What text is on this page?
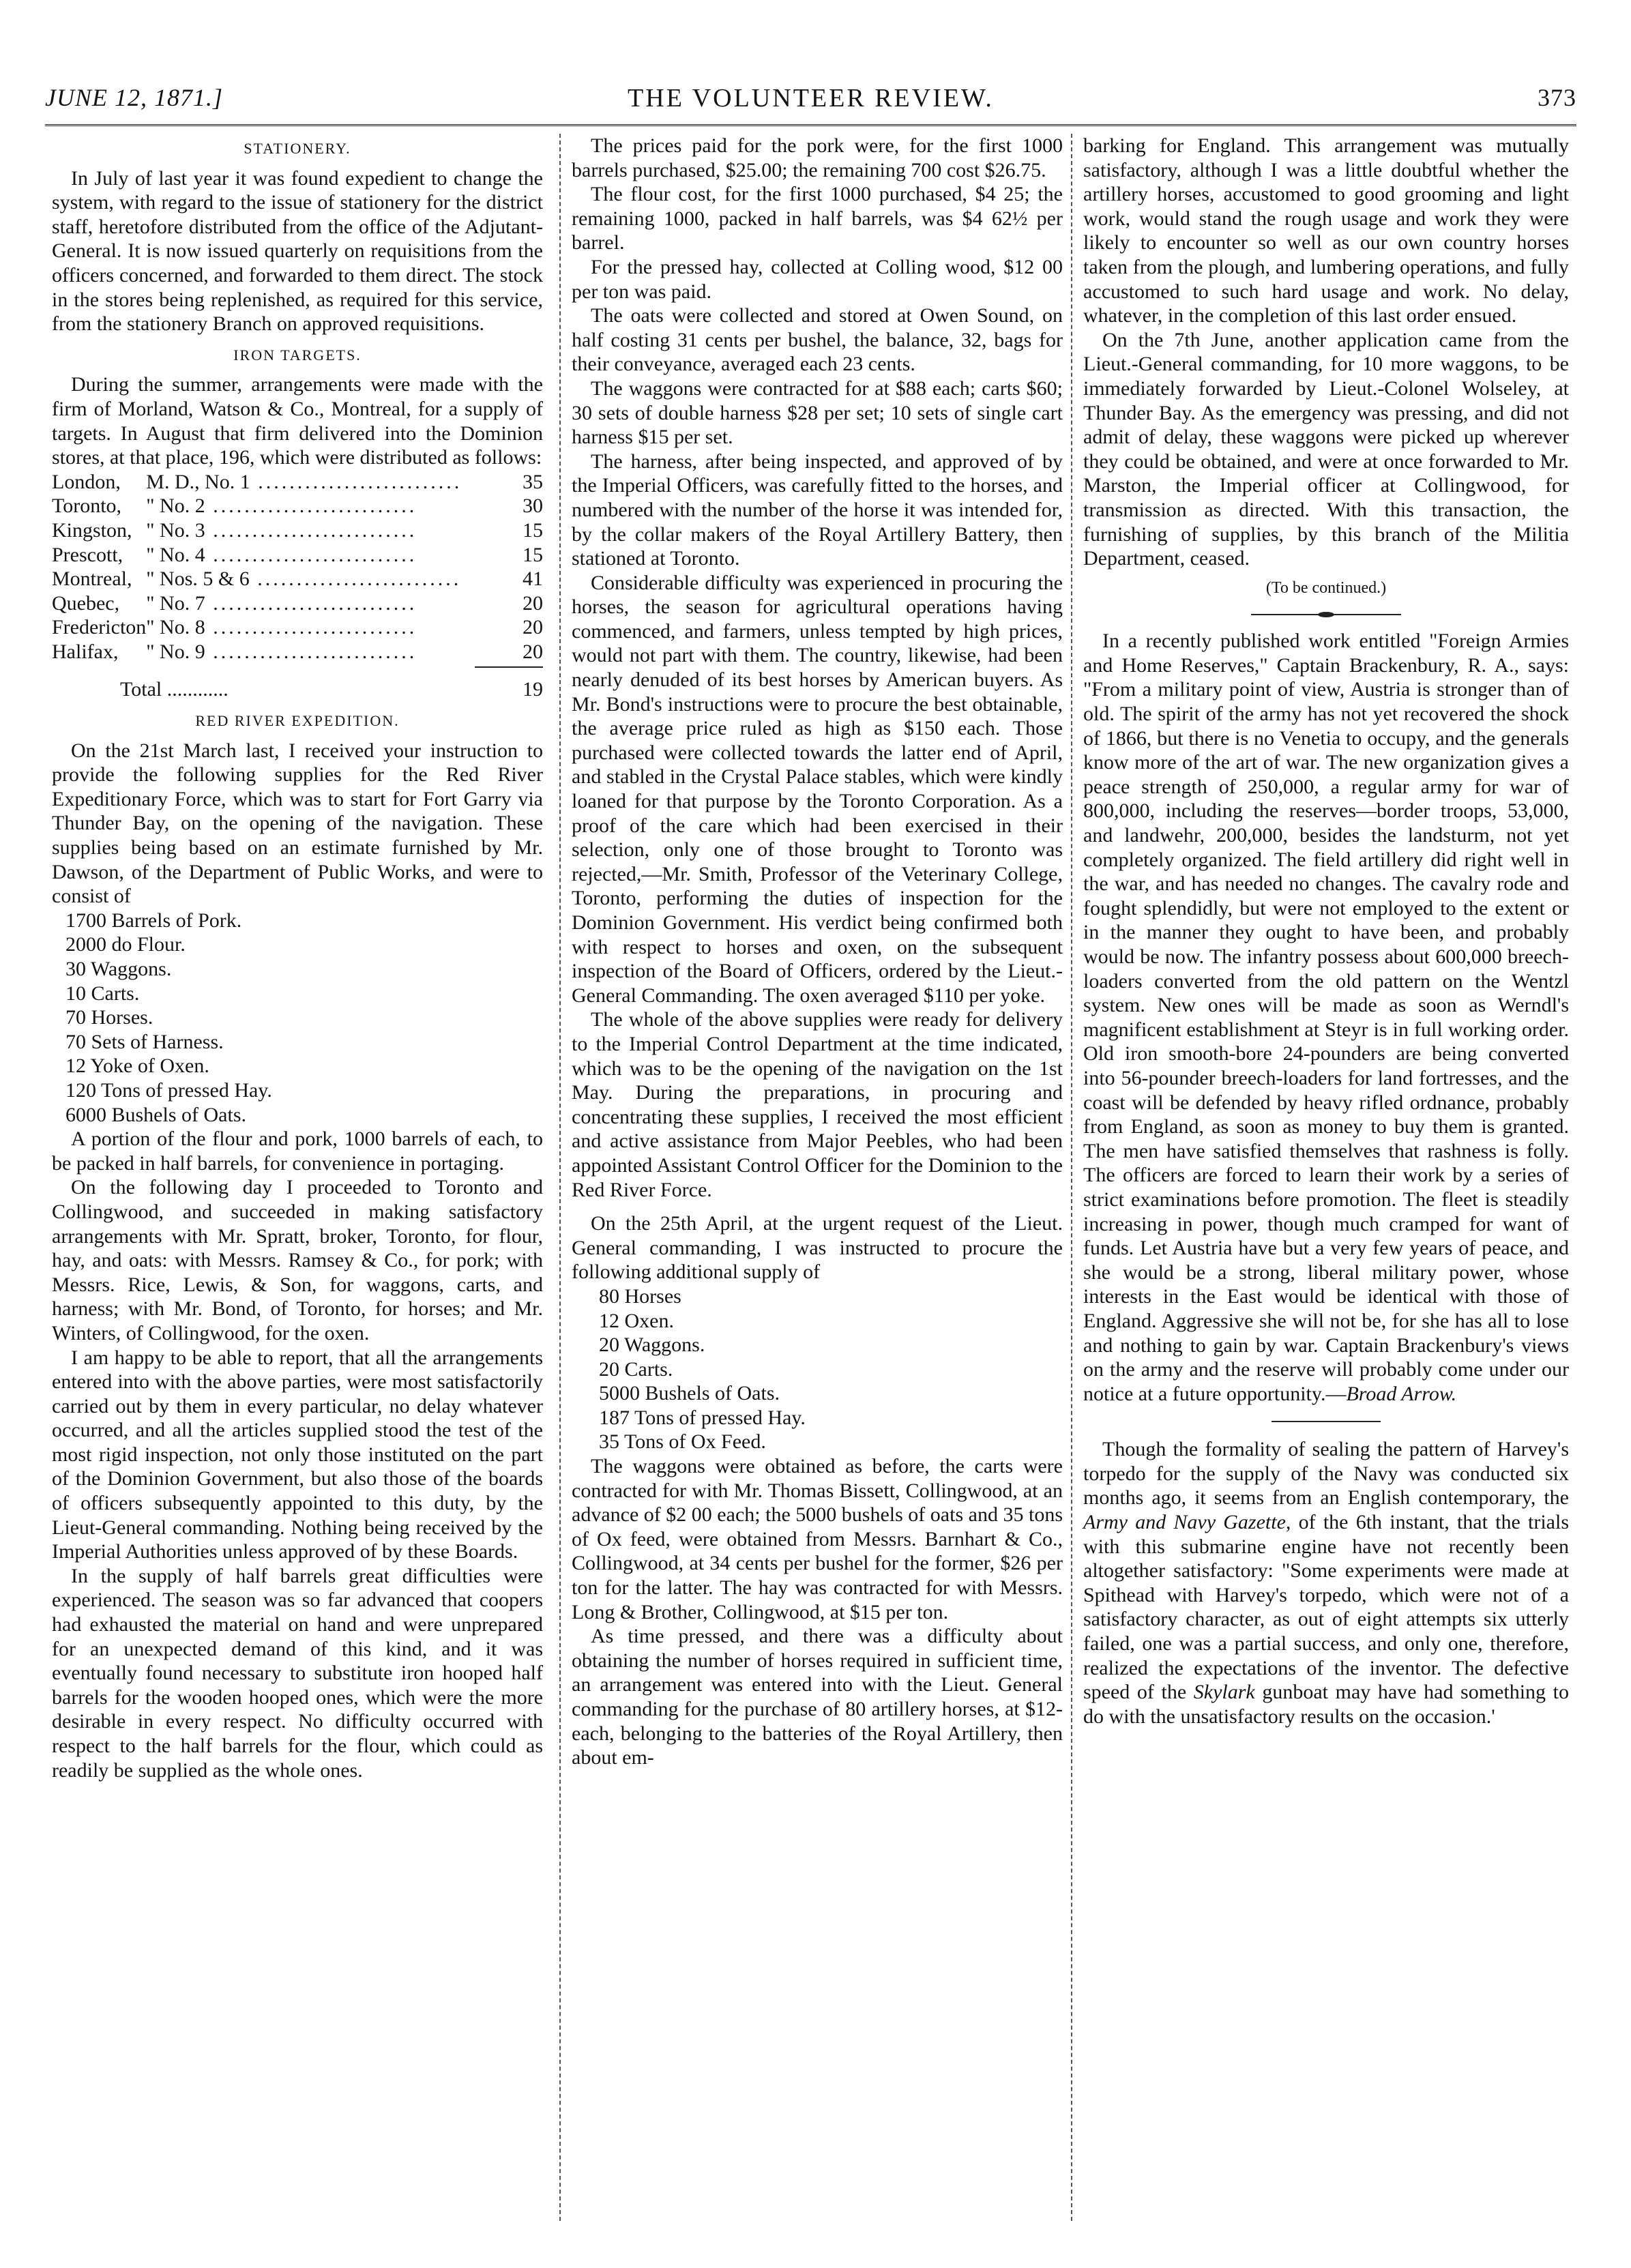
JUNE 12, 1871.]	THE VOLUNTEER REVIEW.	373
STATIONERY.

In July of last year it was found expedient to change the system, with regard to the issue of stationery for the district staff, heretofore distributed from the office of the Adjutant-General. It is now issued quarterly on requisitions from the officers concerned, and forwarded to them direct. The stock in the stores being replenished, as required for this service, from the stationery Branch on approved requisitions.

IRON TARGETS.

During the summer, arrangements were made with the firm of Morland, Watson & Co., Montreal, for a supply of targets. In August that firm delivered into the Dominion stores, at that place, 196, which were distributed as follows:

London,	M. D., No. 1 ..........................	35
Toronto,	" No. 2 ..........................	30
Kingston,	" No. 3 ..........................	15
Prescott,	" No. 4 ..........................	15
Montreal,	" Nos. 5 & 6 ..........................	41
Quebec,	" No. 7 ..........................	20
Fredericton	" No. 8 ..........................	20
Halifax,	" No. 9 ..........................	20
Total ............	19
RED RIVER EXPEDITION.

On the 21st March last, I received your instruction to provide the following supplies for the Red River Expeditionary Force, which was to start for Fort Garry via Thunder Bay, on the opening of the navigation. These supplies being based on an estimate furnished by Mr. Dawson, of the Department of Public Works, and were to consist of

1700 Barrels of Pork.
2000 do Flour.
30 Waggons.
10 Carts.
70 Horses.
70 Sets of Harness.
12 Yoke of Oxen.
120 Tons of pressed Hay.
6000 Bushels of Oats.

A portion of the flour and pork, 1000 barrels of each, to be packed in half barrels, for convenience in portaging.

On the following day I proceeded to Toronto and Collingwood, and succeeded in making satisfactory arrangements with Mr. Spratt, broker, Toronto, for flour, hay, and oats: with Messrs. Ramsey & Co., for pork; with Messrs. Rice, Lewis, & Son, for waggons, carts, and harness; with Mr. Bond, of Toronto, for horses; and Mr. Winters, of Collingwood, for the oxen.

I am happy to be able to report, that all the arrangements entered into with the above parties, were most satisfactorily carried out by them in every particular, no delay whatever occurred, and all the articles supplied stood the test of the most rigid inspection, not only those instituted on the part of the Dominion Government, but also those of the boards of officers subsequently appointed to this duty, by the Lieut-General commanding. Nothing being received by the Imperial Authorities unless approved of by these Boards.

In the supply of half barrels great difficulties were experienced. The season was so far advanced that coopers had exhausted the material on hand and were unprepared for an unexpected demand of this kind, and it was eventually found necessary to substitute iron hooped half barrels for the wooden hooped ones, which were the more desirable in every respect. No difficulty occurred with respect to the half barrels for the flour, which could as readily be supplied as the whole ones.

The prices paid for the pork were, for the first 1000 barrels purchased, $25.00; the remaining 700 cost $26.75.

The flour cost, for the first 1000 purchased, $4 25; the remaining 1000, packed in half barrels, was $4 62½ per barrel.

For the pressed hay, collected at Colling wood, $12 00 per ton was paid.

The oats were collected and stored at Owen Sound, on half costing 31 cents per bushel, the balance, 32, bags for their conveyance, averaged each 23 cents.

The waggons were contracted for at $88 each; carts $60; 30 sets of double harness $28 per set; 10 sets of single cart harness $15 per set.

The harness, after being inspected, and approved of by the Imperial Officers, was carefully fitted to the horses, and numbered with the number of the horse it was intended for, by the collar makers of the Royal Artillery Battery, then stationed at Toronto.

Considerable difficulty was experienced in procuring the horses, the season for agricultural operations having commenced, and farmers, unless tempted by high prices, would not part with them. The country, likewise, had been nearly denuded of its best horses by American buyers. As Mr. Bond's instructions were to procure the best obtainable, the average price ruled as high as $150 each. Those purchased were collected towards the latter end of April, and stabled in the Crystal Palace stables, which were kindly loaned for that purpose by the Toronto Corporation. As a proof of the care which had been exercised in their selection, only one of those brought to Toronto was rejected,—Mr. Smith, Professor of the Veterinary College, Toronto, performing the duties of inspection for the Dominion Government. His verdict being confirmed both with respect to horses and oxen, on the subsequent inspection of the Board of Officers, ordered by the Lieut.-General Commanding. The oxen averaged $110 per yoke.

The whole of the above supplies were ready for delivery to the Imperial Control Department at the time indicated, which was to be the opening of the navigation on the 1st May. During the preparations, in procuring and concentrating these supplies, I received the most efficient and active assistance from Major Peebles, who had been appointed Assistant Control Officer for the Dominion to the Red River Force.

On the 25th April, at the urgent request of the Lieut. General commanding, I was instructed to procure the following additional supply of

80 Horses
12 Oxen.
20 Waggons.
20 Carts.
5000 Bushels of Oats.
187 Tons of pressed Hay.
35 Tons of Ox Feed.

The waggons were obtained as before, the carts were contracted for with Mr. Thomas Bissett, Collingwood, at an advance of $2 00 each; the 5000 bushels of oats and 35 tons of Ox feed, were obtained from Messrs. Barnhart & Co., Collingwood, at 34 cents per bushel for the former, $26 per ton for the latter. The hay was contracted for with Messrs. Long & Brother, Collingwood, at $15 per ton.

As time pressed, and there was a difficulty about obtaining the number of horses required in sufficient time, an arrangement was entered into with the Lieut. General commanding for the purchase of 80 artillery horses, at $12- each, belonging to the batteries of the Royal Artillery, then about em-

barking for England. This arrangement was mutually satisfactory, although I was a little doubtful whether the artillery horses, accustomed to good grooming and light work, would stand the rough usage and work they were likely to encounter so well as our own country horses taken from the plough, and lumbering operations, and fully accustomed to such hard usage and work. No delay, whatever, in the completion of this last order ensued.

On the 7th June, another application came from the Lieut.-General commanding, for 10 more waggons, to be immediately forwarded by Lieut.-Colonel Wolseley, at Thunder Bay. As the emergency was pressing, and did not admit of delay, these waggons were picked up wherever they could be obtained, and were at once forwarded to Mr. Marston, the Imperial officer at Collingwood, for transmission as directed. With this transaction, the furnishing of supplies, by this branch of the Militia Department, ceased.

(To be continued.)

In a recently published work entitled "Foreign Armies and Home Reserves," Captain Brackenbury, R. A., says: "From a military point of view, Austria is stronger than of old. The spirit of the army has not yet recovered the shock of 1866, but there is no Venetia to occupy, and the generals know more of the art of war. The new organization gives a peace strength of 250,000, a regular army for war of 800,000, including the reserves—border troops, 53,000, and landwehr, 200,000, besides the landsturm, not yet completely organized. The field artillery did right well in the war, and has needed no changes. The cavalry rode and fought splendidly, but were not employed to the extent or in the manner they ought to have been, and probably would be now. The infantry possess about 600,000 breech-loaders converted from the old pattern on the Wentzl system. New ones will be made as soon as Werndl's magnificent establishment at Steyr is in full working order. Old iron smooth-bore 24-pounders are being converted into 56-pounder breech-loaders for land fortresses, and the coast will be defended by heavy rifled ordnance, probably from England, as soon as money to buy them is granted. The men have satisfied themselves that rashness is folly. The officers are forced to learn their work by a series of strict examinations before promotion. The fleet is steadily increasing in power, though much cramped for want of funds. Let Austria have but a very few years of peace, and she would be a strong, liberal military power, whose interests in the East would be identical with those of England. Aggressive she will not be, for she has all to lose and nothing to gain by war. Captain Brackenbury's views on the army and the reserve will probably come under our notice at a future opportunity.—Broad Arrow.

Though the formality of sealing the pattern of Harvey's torpedo for the supply of the Navy was conducted six months ago, it seems from an English contemporary, the Army and Navy Gazette, of the 6th instant, that the trials with this submarine engine have not recently been altogether satisfactory: "Some experiments were made at Spithead with Harvey's torpedo, which were not of a satisfactory character, as out of eight attempts six utterly failed, one was a partial success, and only one, therefore, realized the expectations of the inventor. The defective speed of the Skylark gunboat may have had something to do with the unsatisfactory results on the occasion.'
